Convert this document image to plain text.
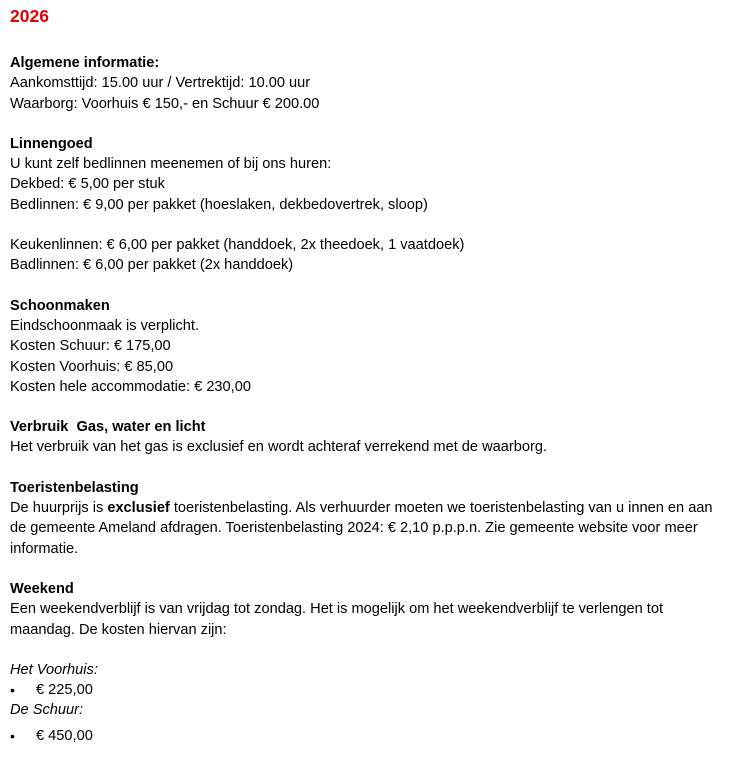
2026
Algemene informatie:
Aankomsttijd: 15.00 uur / Vertrektijd: 10.00 uur
Waarborg: Voorhuis € 150,- en Schuur € 200.00
Linnengoed
U kunt zelf bedlinnen meenemen of bij ons huren:
Dekbed: € 5,00 per stuk
Bedlinnen: € 9,00 per pakket (hoeslaken, dekbedovertrek, sloop)
Keukenlinnen: € 6,00 per pakket (handdoek, 2x theedoek, 1 vaatdoek)
Badlinnen: € 6,00 per pakket (2x handdoek)
Schoonmaken
Eindschoonmaak is verplicht.
Kosten Schuur: € 175,00
Kosten Voorhuis: € 85,00
Kosten hele accommodatie: € 230,00
Verbruik  Gas, water en licht
Het verbruik van het gas is exclusief en wordt achteraf verrekend met de waarborg.
Toeristenbelasting
De huurprijs is exclusief toeristenbelasting. Als verhuurder moeten we toeristenbelasting van u innen en aan de gemeente Ameland afdragen. Toeristenbelasting 2024: € 2,10 p.p.p.n. Zie gemeente website voor meer informatie.
Weekend
Een weekendverblijf is van vrijdag tot zondag. Het is mogelijk om het weekendverblijf te verlengen tot maandag. De kosten hiervan zijn:
Het Voorhuis:
•	€ 225,00
De Schuur:
•	€ 450,00
